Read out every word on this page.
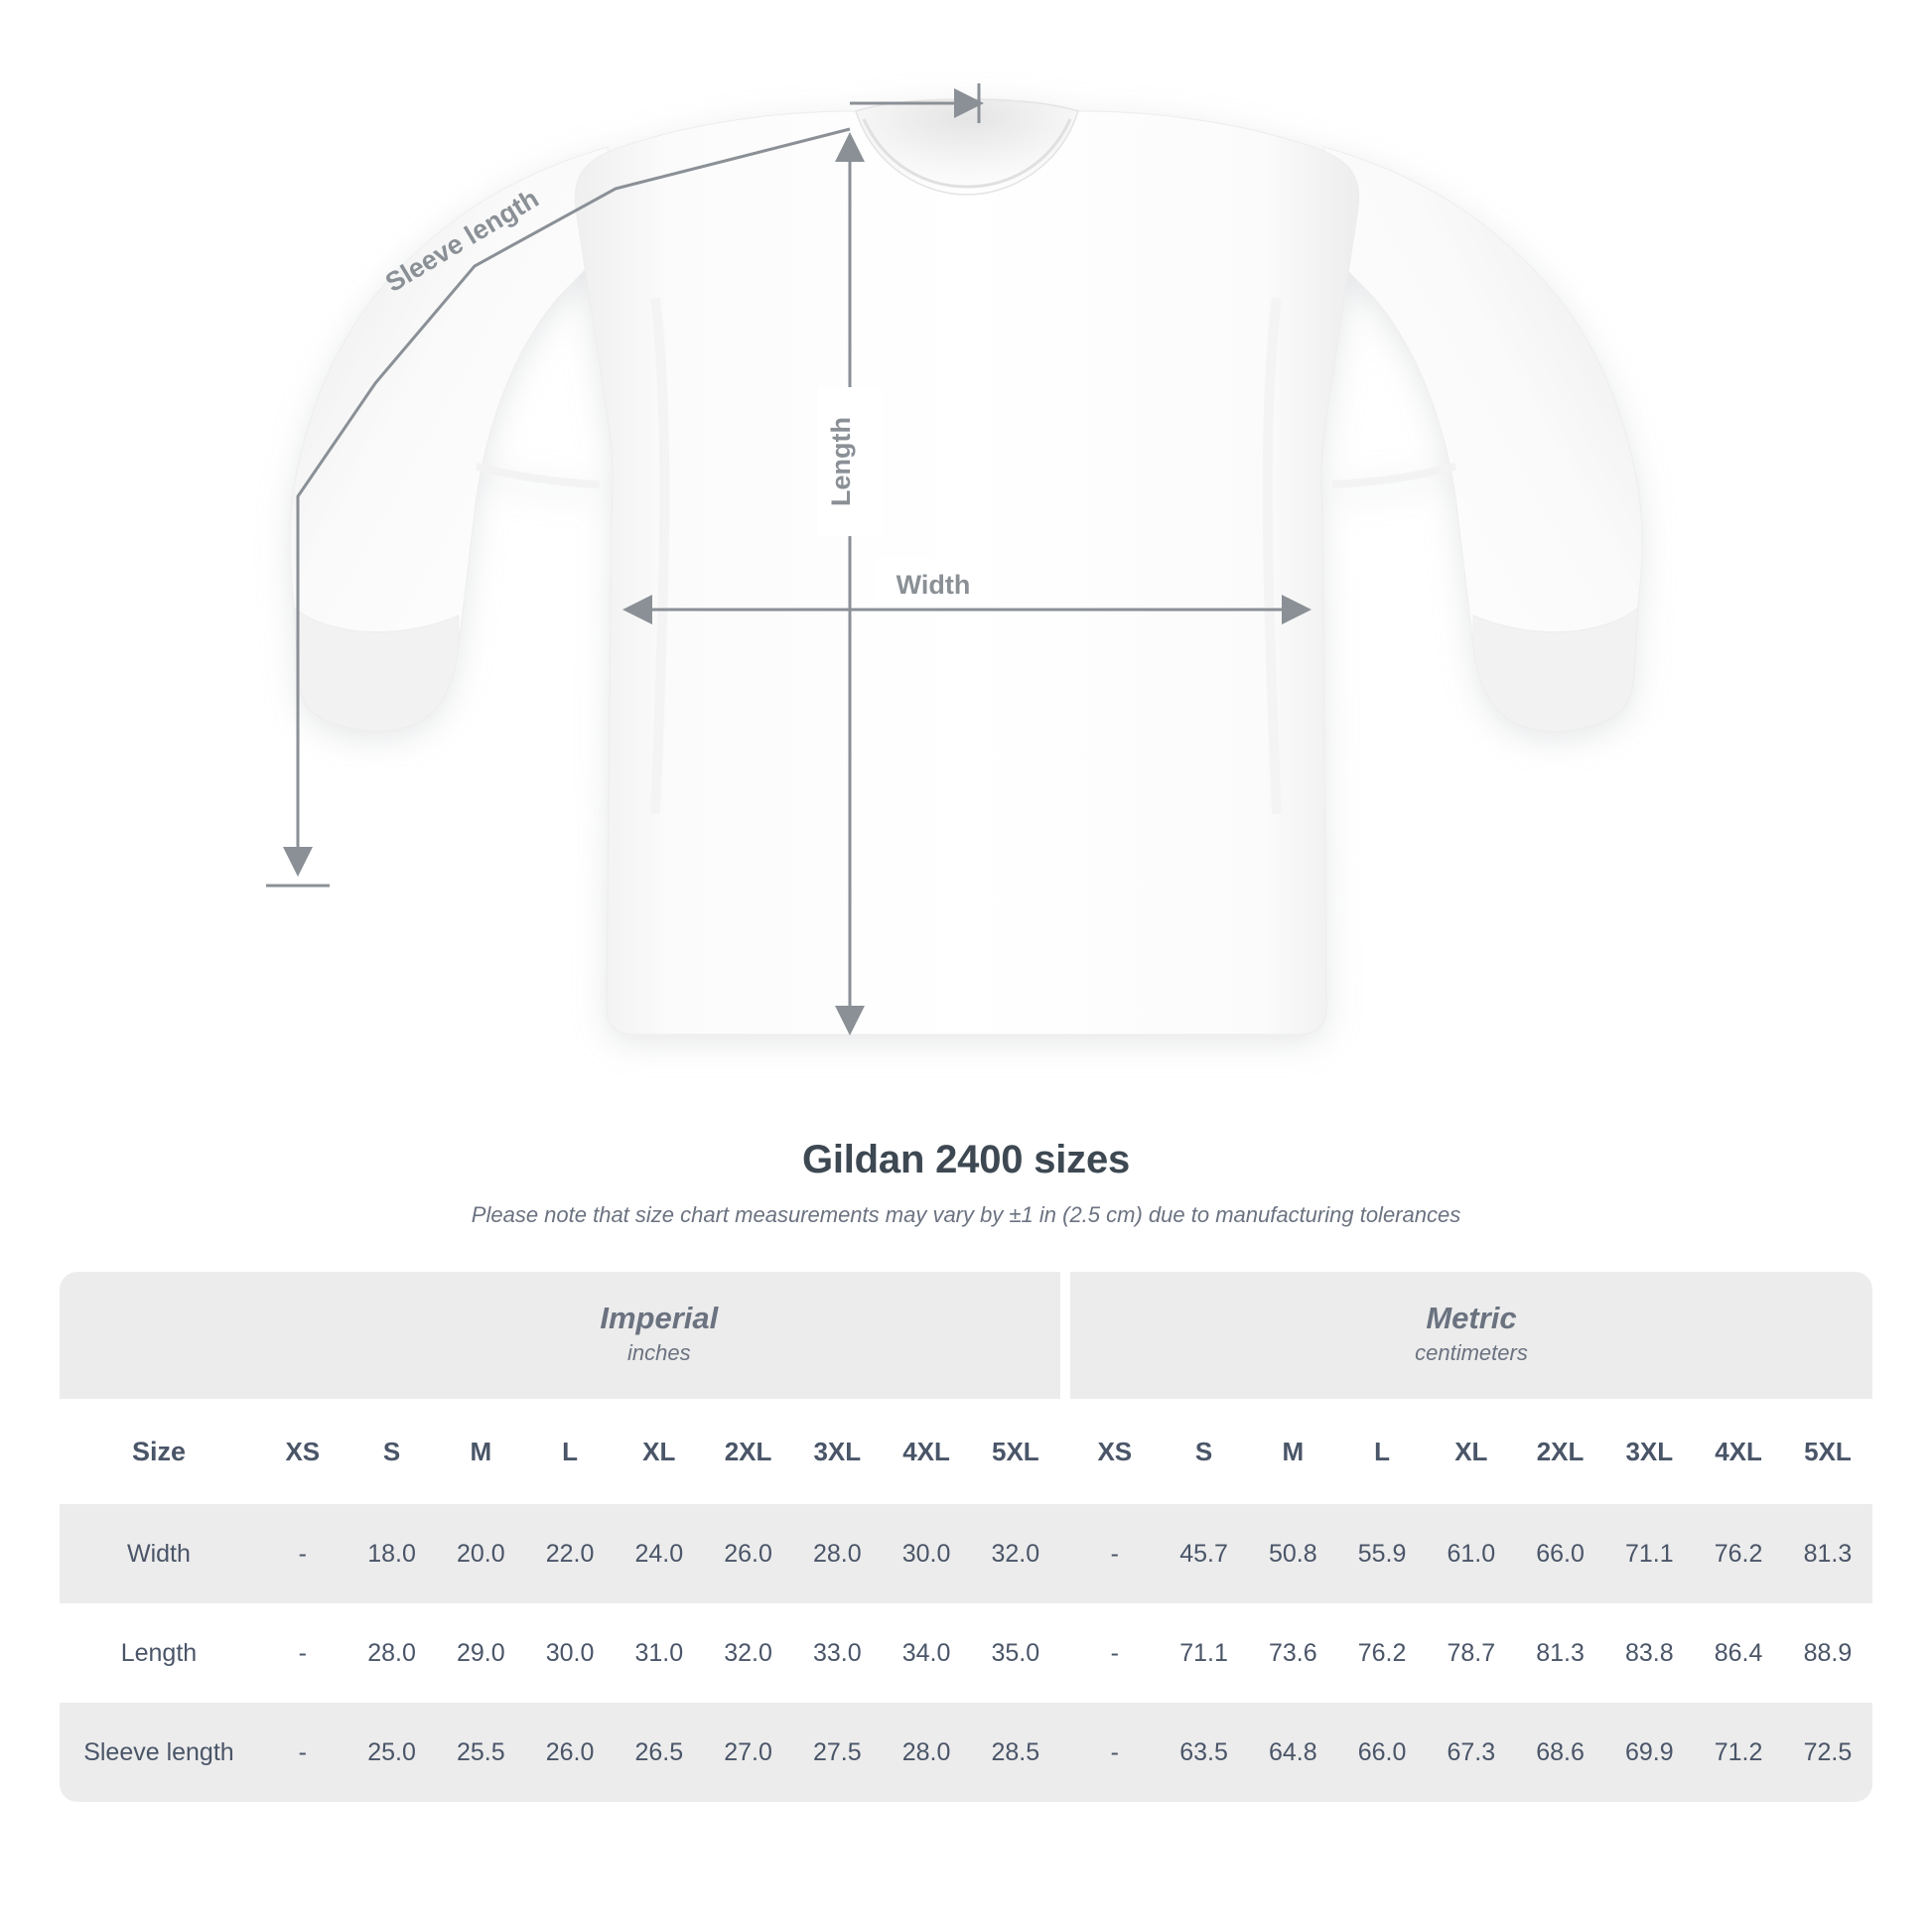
Length
Width
Sleeve length
Gildan 2400 sizes
Please note that size chart measurements may vary by ±1 in (2.5 cm) due to manufacturing tolerances

Imperial
inches

Metric
centimeters

Size	XS	S	M	L	XL	2XL	3XL	4XL	5XL		XS	S	M	L	XL	2XL	3XL	4XL	5XL
Width	-	18.0	20.0	22.0	24.0	26.0	28.0	30.0	32.0		-	45.7	50.8	55.9	61.0	66.0	71.1	76.2	81.3
Length	-	28.0	29.0	30.0	31.0	32.0	33.0	34.0	35.0		-	71.1	73.6	76.2	78.7	81.3	83.8	86.4	88.9
Sleeve length	-	25.0	25.5	26.0	26.5	27.0	27.5	28.0	28.5		-	63.5	64.8	66.0	67.3	68.6	69.9	71.2	72.5
